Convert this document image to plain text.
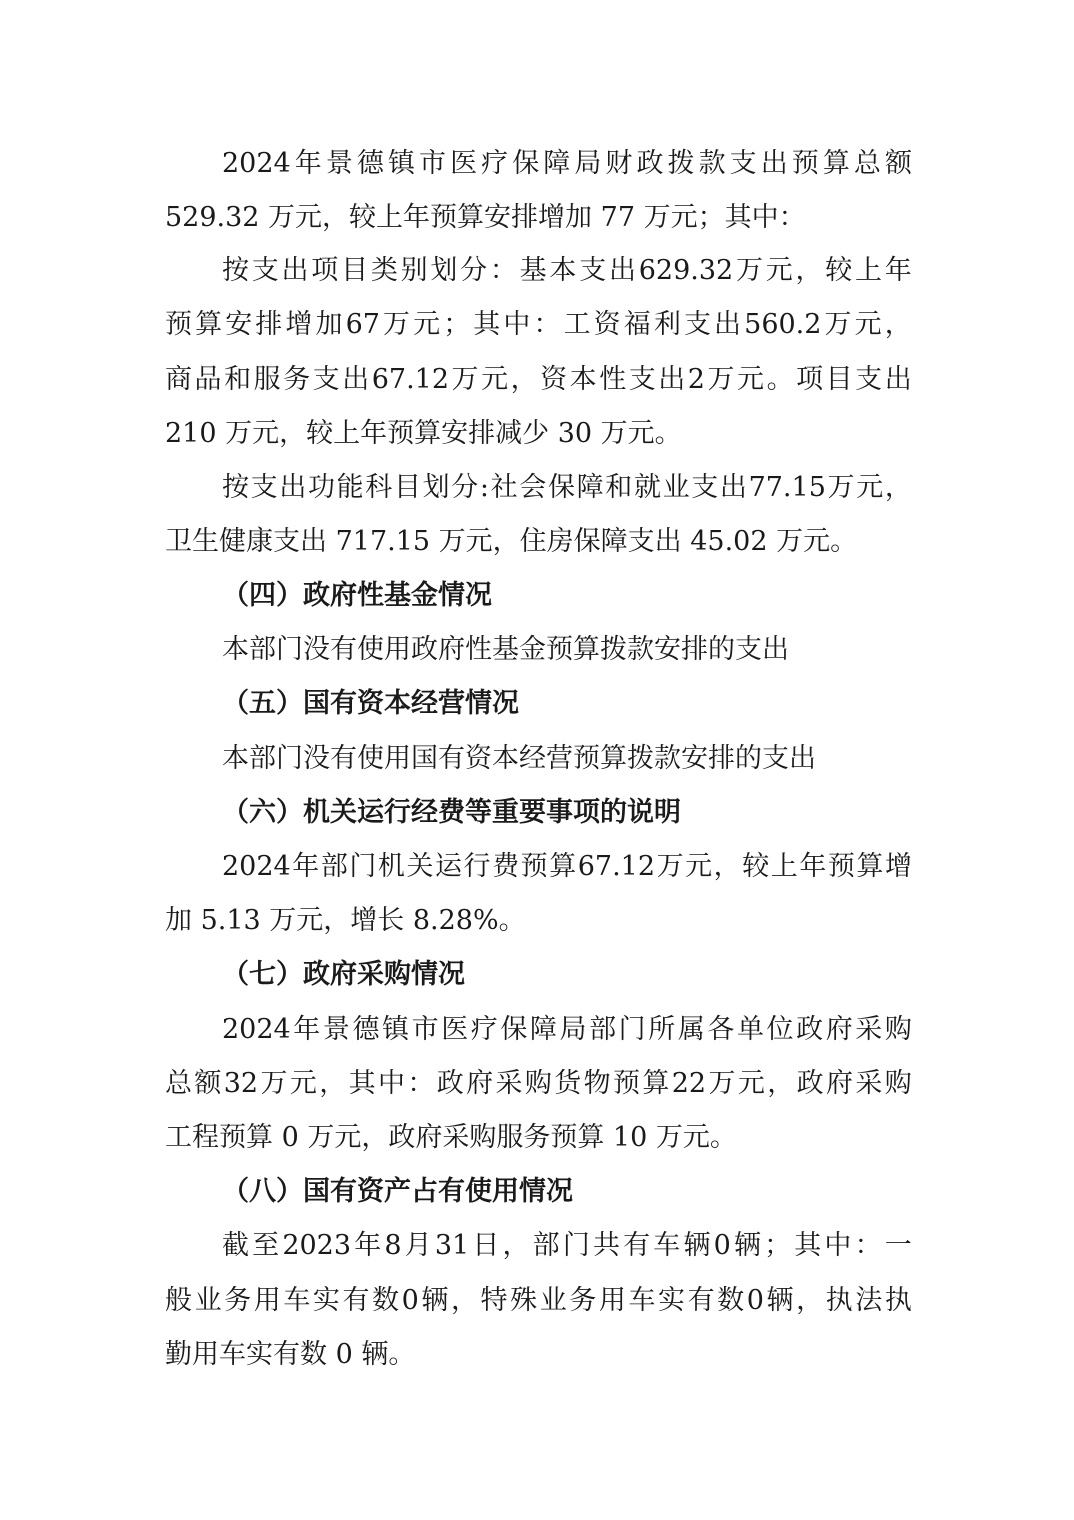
2024 年 景 德 镇 市 医 疗 保 障 局 财 政 拨 款 支 出 预 算 总 额
529.32 万元，较上年预算安排增加 77 万元；其中：
按 支 出 项 目 类 别 划 分 ： 基 本 支 出 629.32 万 元 ， 较 上 年
预 算 安 排 增 加 67 万 元 ； 其 中 ： 工 资 福 利 支 出 560.2 万 元 ，
商 品 和 服 务 支 出 67.12 万 元 ， 资 本 性 支 出 2 万 元 。 项 目 支 出
210 万元，较上年预算安排减少 30 万元。
按 支 出 功 能 科 目 划 分 : 社 会 保 障 和 就 业 支 出 77.15 万 元 ，
卫生健康支出 717.15 万元，住房保障支出 45.02 万元。
（四）政府性基金情况
本部门没有使用政府性基金预算拨款安排的支出
（五）国有资本经营情况
本部门没有使用国有资本经营预算拨款安排的支出
（六）机关运行经费等重要事项的说明
2024 年 部 门 机 关 运 行 费 预 算 67.12 万 元 ， 较 上 年 预 算 增
加 5.13 万元，增长 8.28%。
（七）政府采购情况
2024 年 景 德 镇 市 医 疗 保 障 局 部 门 所 属 各 单 位 政 府 采 购
总 额 32 万 元 ， 其 中 ： 政 府 采 购 货 物 预 算 22 万 元 ， 政 府 采 购
工程预算 0 万元，政府采购服务预算 10 万元。
（八）国有资产占有使用情况
截 至 2023 年 8 月 31 日 ， 部 门 共 有 车 辆 0 辆 ； 其 中 ： 一
般 业 务 用 车 实 有 数 0 辆 ， 特 殊 业 务 用 车 实 有 数 0 辆 ， 执 法 执
勤用车实有数 0 辆。
